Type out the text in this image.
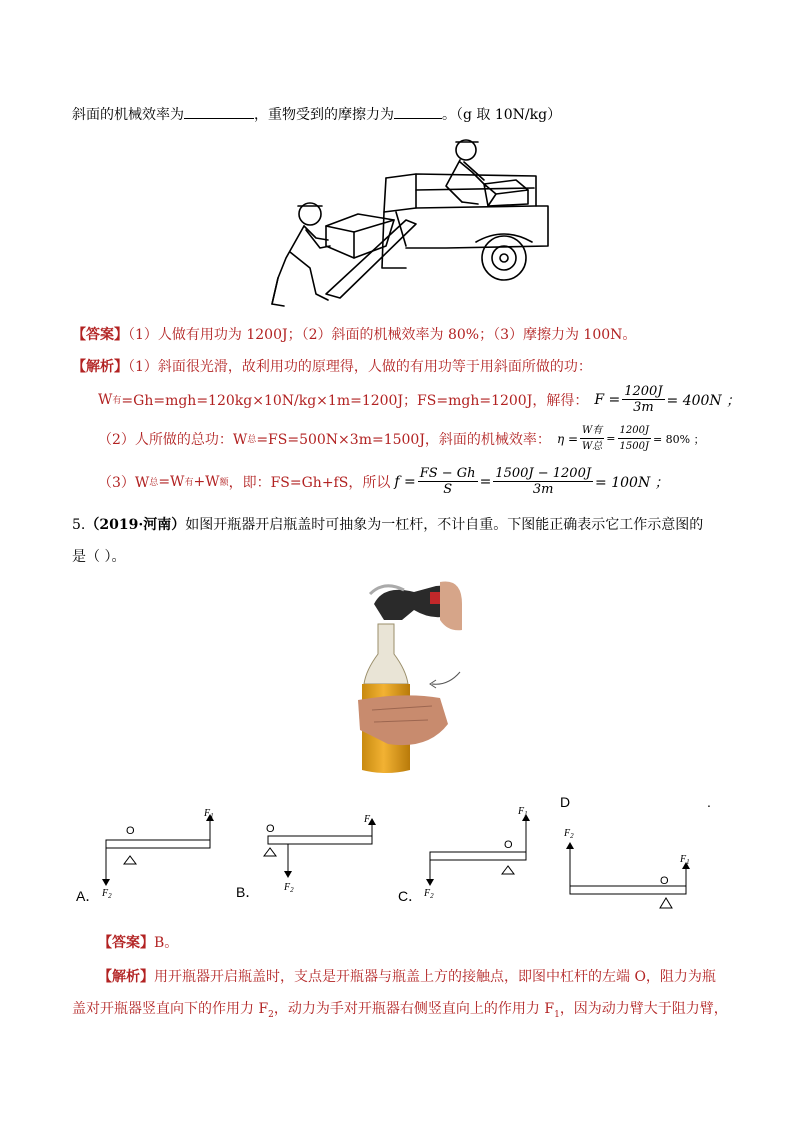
斜面的机械效率为	，重物受到的摩擦力为	。（g 取 10N/kg）
【答案】（1）人做有用功为 1200J；（2）斜面的机械效率为 80%；（3）摩擦力为 100N。
【解析】（1）斜面很光滑，故利用功的原理得，人做的有用功等于用斜面所做的功：
W 有 =Gh=mgh=120kg×10N/kg×1m=1200J；FS=mgh=1200J，解得： $F = \frac{1200J}{3m} = 400N$ ；
（2）人所做的总功：W 总 =FS=500N×3m=1500J，斜面的机械效率： $\eta = \frac{\text{W有}}{\text{W总}} = \frac{1200J}{1500J} = 80\%$ ；
（3）W 总 =W 有 +W 额 ，即：FS=Gh+fS，所以 $f = \frac{FS - Gh}{S} = \frac{1500J - 1200J}{3m} = 100N$ ；
5.（2019·河南）如图开瓶器开启瓶盖时可抽象为一杠杆，不计自重。下图能正确表示它工作示意图的
是（ ）。
A．	B．	C．
D	.
O
$F_1$
$F_2$
O
$F_1$
$F_2$
O
$F_1$
$F_2$
O
$F_2$
$F_1$
【答案】B。
【解析】用开瓶器开启瓶盖时，支点是开瓶器与瓶盖上方的接触点，即图中杠杆的左端 O，阻力为瓶
盖对开瓶器竖直向下的作用力 $F_2$，动力为手对开瓶器右侧竖直向上的作用力 $F_1$，因为动力臂大于阻力臂，
